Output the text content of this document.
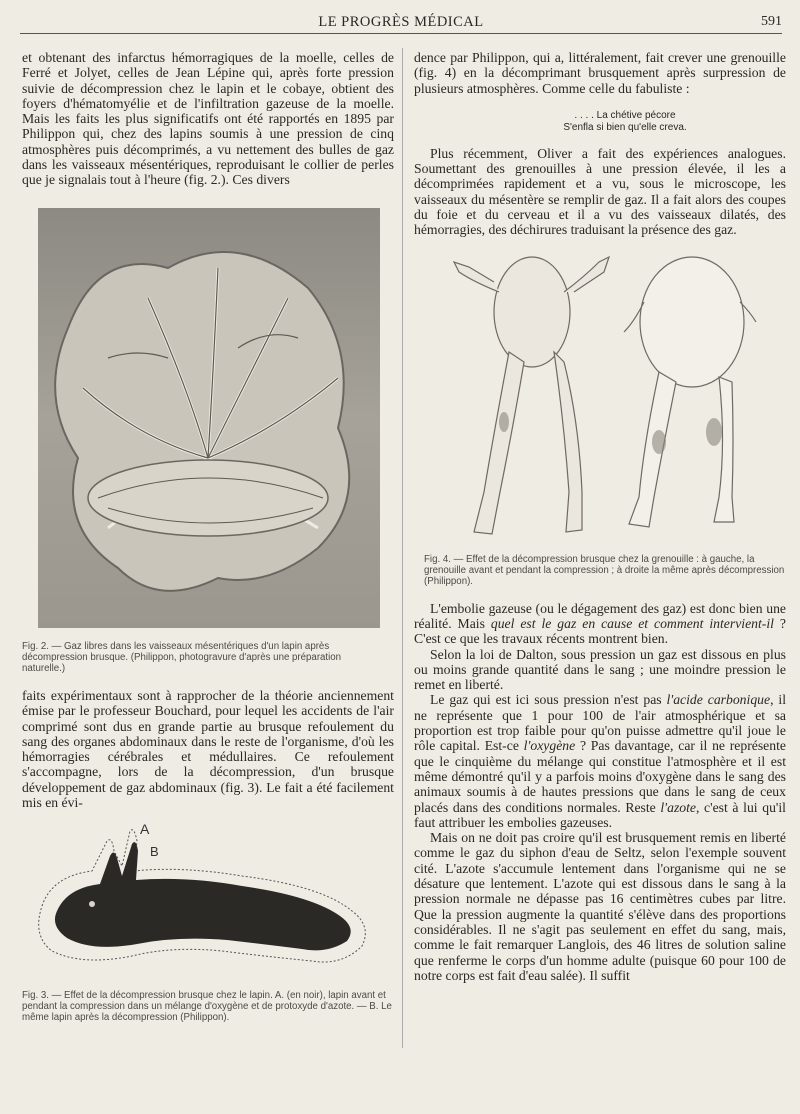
LE PROGRÈS MÉDICAL	591

et obtenant des infarctus hémorragiques de la moelle, celles de Ferré et Jolyet, celles de Jean Lépine qui, après forte pression suivie de décompression chez le lapin et le cobaye, obtient des foyers d'hématomyélie et de l'infiltration gazeuse de la moelle. Mais les faits les plus significatifs ont été rapportés en 1895 par Philippon qui, chez des lapins soumis à une pression de cinq atmosphères puis décomprimés, a vu nettement des bulles de gaz dans les vaisseaux mésentériques, reproduisant le collier de perles que je signalais tout à l'heure (fig. 2.). Ces divers

Fig. 2. — Gaz libres dans les vaisseaux mésentériques d'un lapin après décompression brusque. (Philippon, photogravure d'après une préparation naturelle.)

faits expérimentaux sont à rapprocher de la théorie anciennement émise par le professeur Bouchard, pour lequel les accidents de l'air comprimé sont dus en grande partie au brusque refoulement du sang des organes abdominaux dans le reste de l'organisme, d'où les hémorragies cérébrales et médullaires. Ce refoulement s'accompagne, lors de la décompression, d'un brusque développement de gaz abdominaux (fig. 3). Le fait a été facilement mis en évi-

A
B

Fig. 3. — Effet de la décompression brusque chez le lapin. A. (en noir), lapin avant et pendant la compression dans un mélange d'oxygène et de protoxyde d'azote. — B. Le même lapin après la décompression (Philippon).

dence par Philippon, qui a, littéralement, fait crever une grenouille (fig. 4) en la décomprimant brusquement après surpression de plusieurs atmosphères. Comme celle du fabuliste :

. . . . La chétive pécore
S'enfla si bien qu'elle creva.

Plus récemment, Oliver a fait des expériences analogues. Soumettant des grenouilles à une pression élevée, il les a décomprimées rapidement et a vu, sous le microscope, les vaisseaux du mésentère se remplir de gaz. Il a fait alors des coupes du foie et du cerveau et il a vu des vaisseaux dilatés, des hémorragies, des déchirures traduisant la présence des gaz.

Fig. 4. — Effet de la décompression brusque chez la grenouille : à gauche, la grenouille avant et pendant la compression ; à droite la même après décompression (Philippon).

L'embolie gazeuse (ou le dégagement des gaz) est donc bien une réalité. Mais quel est le gaz en cause et comment intervient-il ? C'est ce que les travaux récents montrent bien.

Selon la loi de Dalton, sous pression un gaz est dissous en plus ou moins grande quantité dans le sang ; une moindre pression le remet en liberté.

Le gaz qui est ici sous pression n'est pas l'acide carbonique, il ne représente que 1 pour 100 de l'air atmosphérique et sa proportion est trop faible pour qu'on puisse admettre qu'il joue le rôle capital. Est-ce l'oxygène ? Pas davantage, car il ne représente que le cinquième du mélange qui constitue l'atmosphère et il est même démontré qu'il y a parfois moins d'oxygène dans le sang des animaux soumis à de hautes pressions que dans le sang de ceux placés dans des conditions normales. Reste l'azote, c'est à lui qu'il faut attribuer les embolies gazeuses.

Mais on ne doit pas croire qu'il est brusquement remis en liberté comme le gaz du siphon d'eau de Seltz, selon l'exemple souvent cité. L'azote s'accumule lentement dans l'organisme qui ne se désature que lentement. L'azote qui est dissous dans le sang à la pression normale ne dépasse pas 16 centimètres cubes par litre. Que la pression augmente la quantité s'élève dans des proportions considérables. Il ne s'agit pas seulement en effet du sang, mais, comme le fait remarquer Langlois, des 46 litres de solution saline que renferme le corps d'un homme adulte (puisque 60 pour 100 de notre corps est fait d'eau salée). Il suffit
